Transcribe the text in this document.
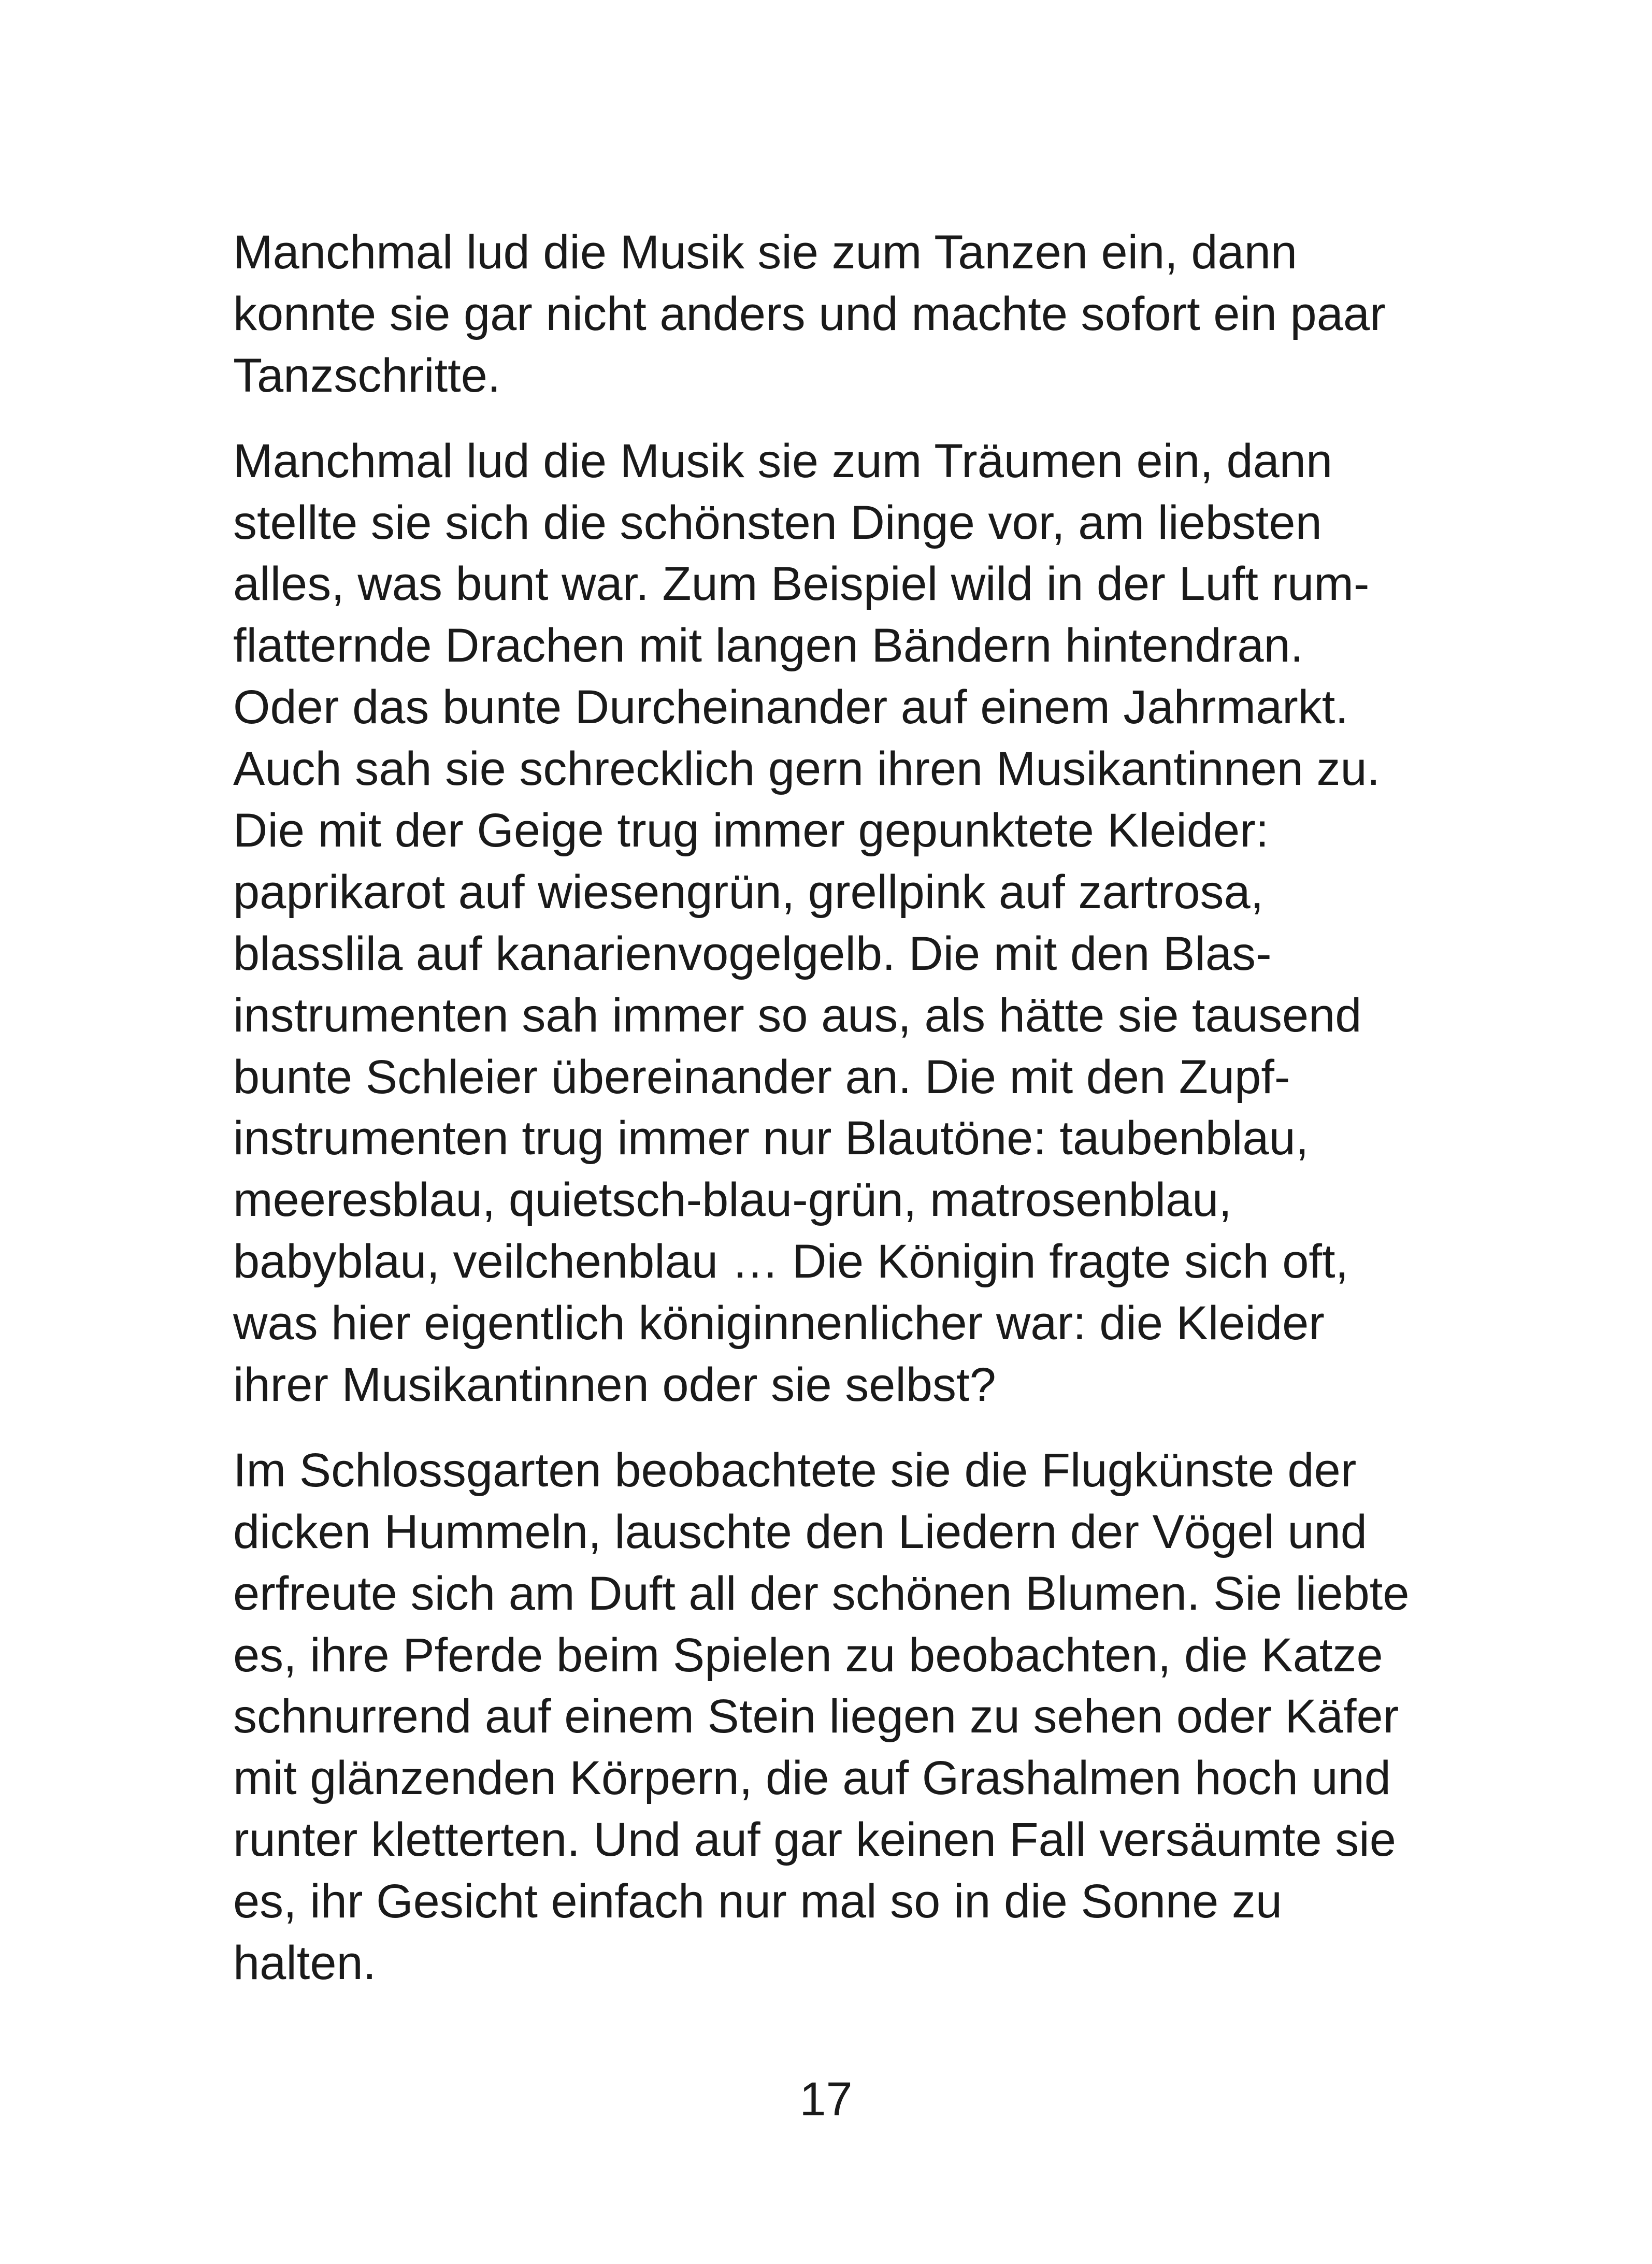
Manchmal lud die Musik sie zum Tanzen ein, dann
konnte sie gar nicht anders und machte sofort ein paar
Tanzschritte.

Manchmal lud die Musik sie zum Träumen ein, dann
stellte sie sich die schönsten Dinge vor, am liebsten
alles, was bunt war. Zum Beispiel wild in der Luft rum-
flatternde Drachen mit langen Bändern hintendran.
Oder das bunte Durcheinander auf einem Jahrmarkt.
Auch sah sie schrecklich gern ihren Musikantinnen zu.
Die mit der Geige trug immer gepunktete Kleider:
paprikarot auf wiesengrün, grellpink auf zartrosa,
blasslila auf kanarienvogelgelb. Die mit den Blas-
instrumenten sah immer so aus, als hätte sie tausend
bunte Schleier übereinander an. Die mit den Zupf-
instrumenten trug immer nur Blautöne: taubenblau,
meeresblau, quietsch-blau-grün, matrosenblau,
babyblau, veilchenblau … Die Königin fragte sich oft,
was hier eigentlich königinnenlicher war: die Kleider
ihrer Musikantinnen oder sie selbst?

Im Schlossgarten beobachtete sie die Flugkünste der
dicken Hummeln, lauschte den Liedern der Vögel und
erfreute sich am Duft all der schönen Blumen. Sie liebte
es, ihre Pferde beim Spielen zu beobachten, die Katze
schnurrend auf einem Stein liegen zu sehen oder Käfer
mit glänzenden Körpern, die auf Grashalmen hoch und
runter kletterten. Und auf gar keinen Fall versäumte sie
es, ihr Gesicht einfach nur mal so in die Sonne zu
halten.

17
